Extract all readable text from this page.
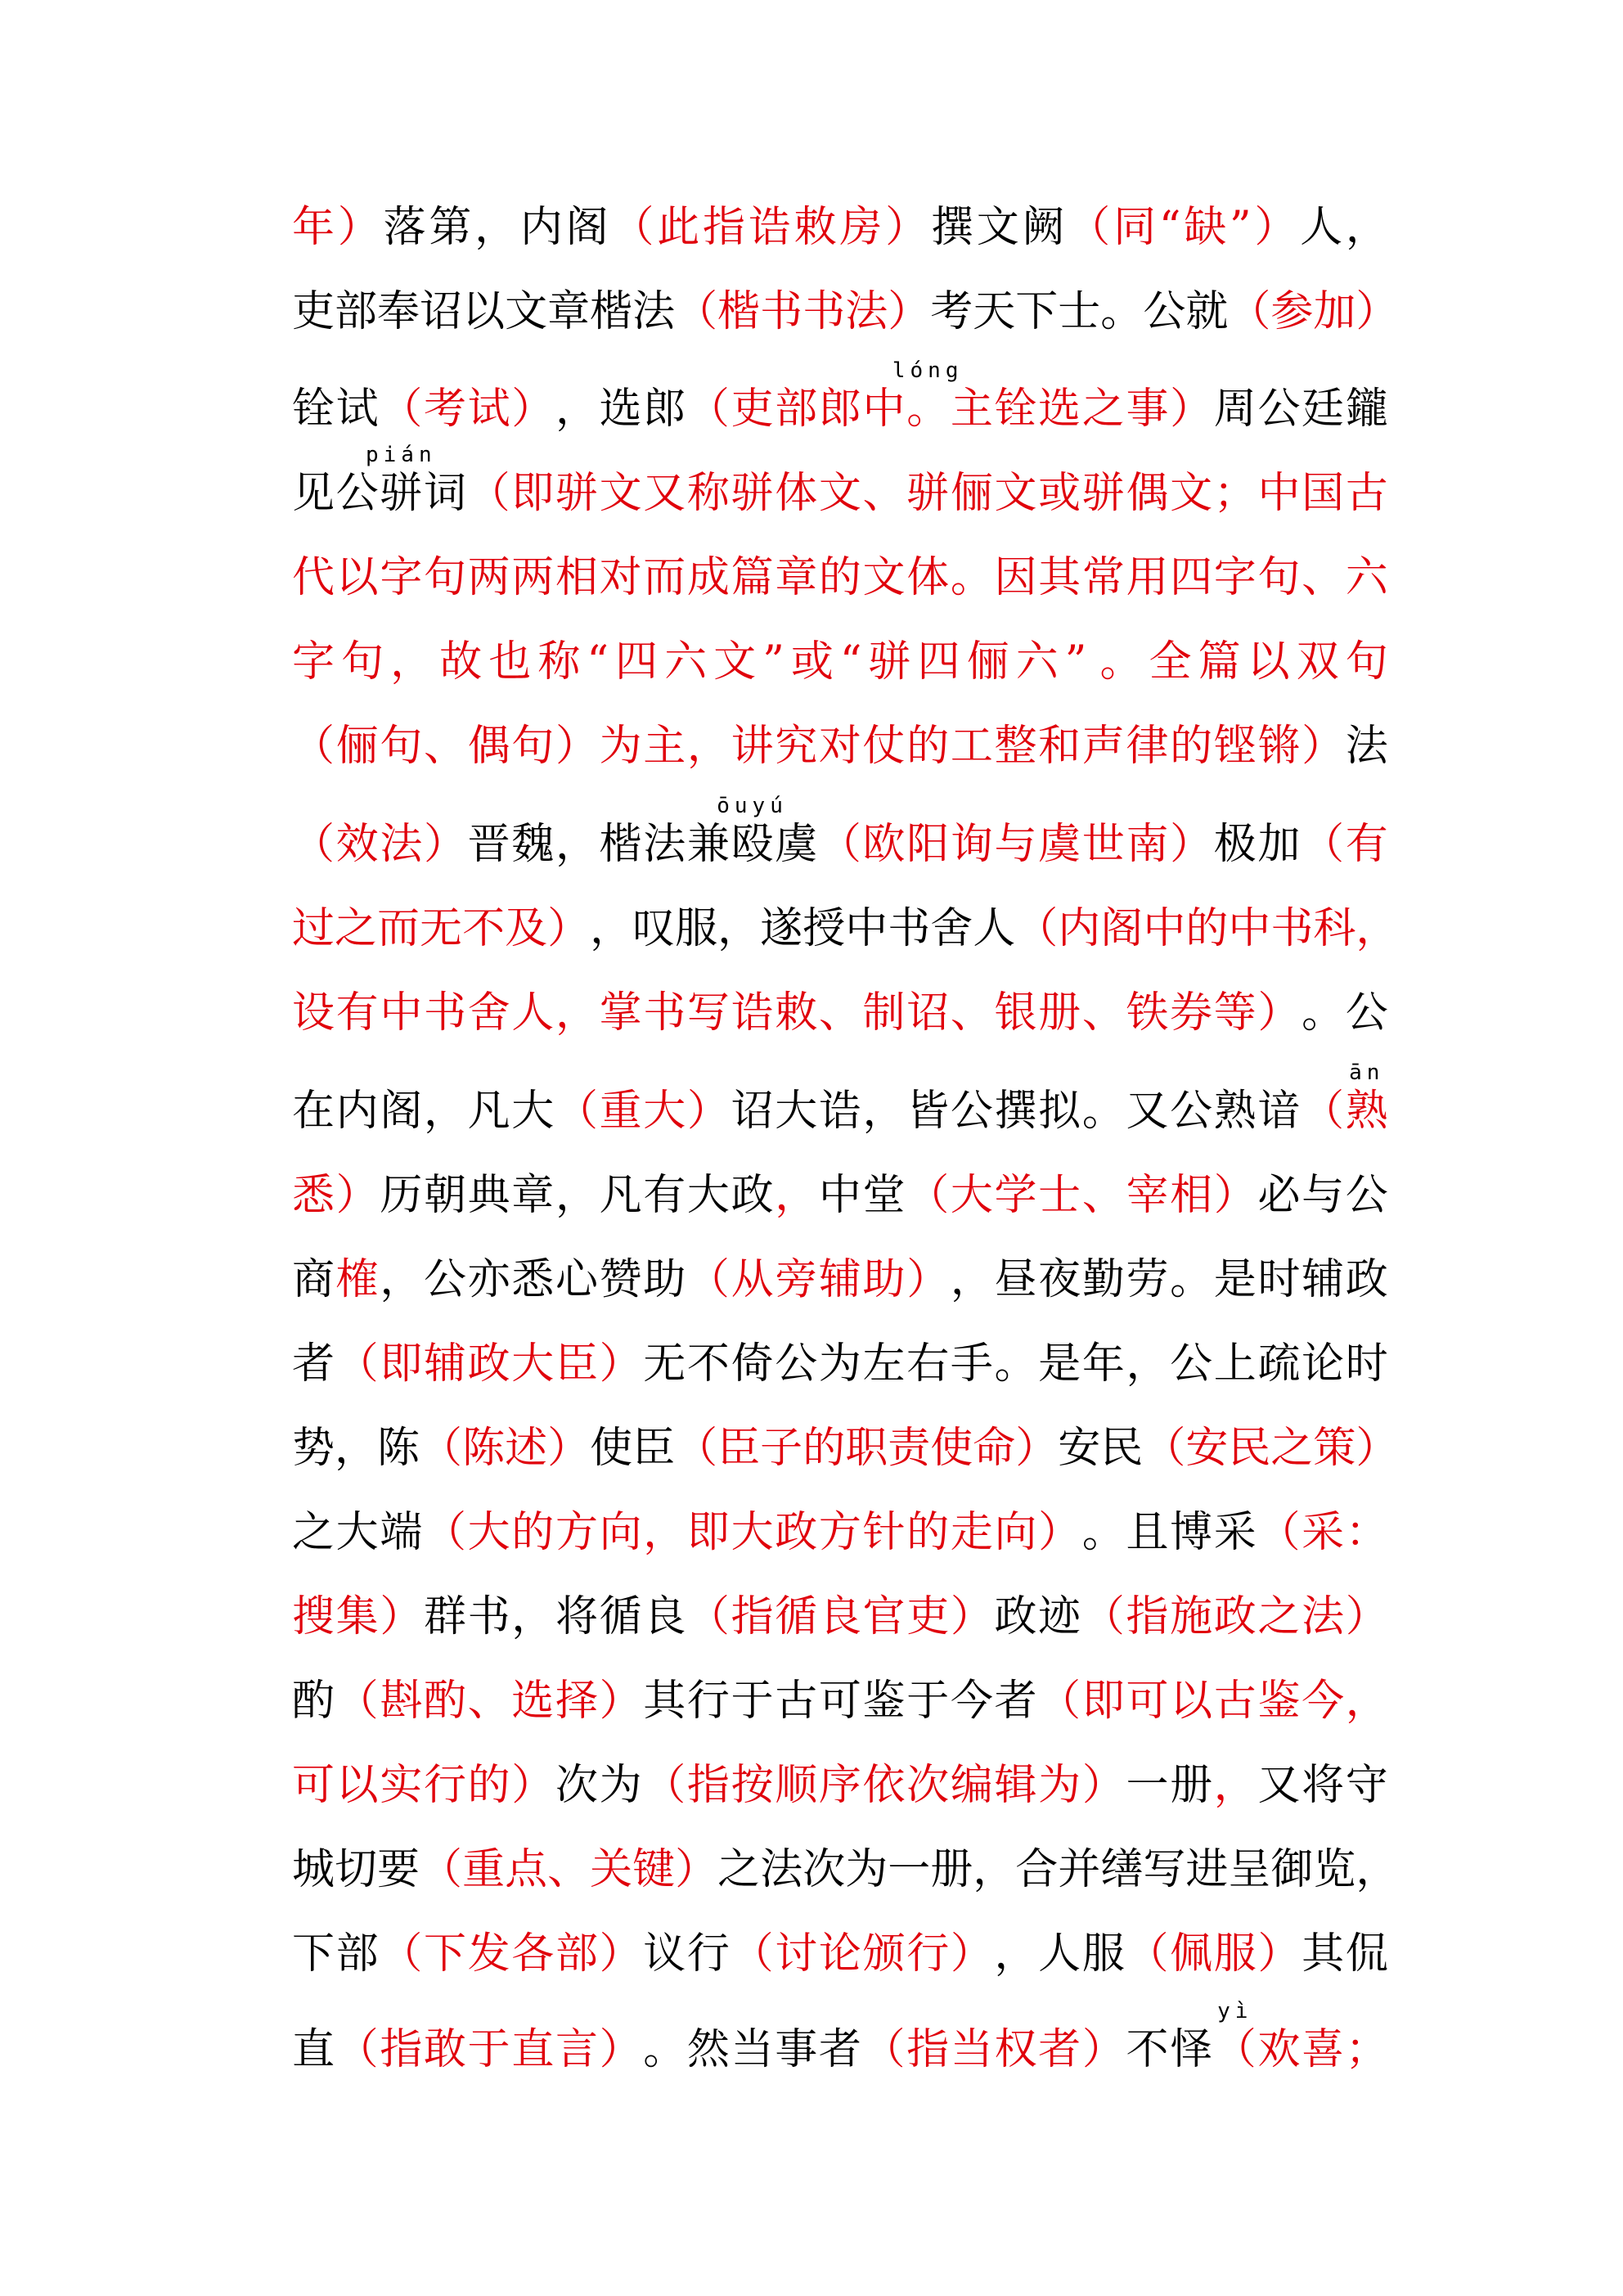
年 ） 落 第 ， 内 阁 （ 此 指 诰 敕 房 ） 撰 文 阙 （ 同 “ 缺 ” ） 人 ，
吏 部 奉 诏 以 文 章 楷 法 （ 楷 书 书 法 ） 考 天 下 士 。 公 就 （ 参 加 ）
铨 试 （ 考 试 ） ， 选 郎 （ 吏 部 郎 中 。 主 铨 选 之 事 ） 周 公 廷 鑨
见 公 骈 词 （ 即 骈 文 又 称 骈 体 文 、 骈 俪 文 或 骈 偶 文 ； 中 国 古
代 以 字 句 两 两 相 对 而 成 篇 章 的 文 体 。 因 其 常 用 四 字 句 、 六
字 句 ， 故 也 称 “ 四 六 文 ” 或 “ 骈 四 俪 六 ” 。 全 篇 以 双 句
（ 俪 句 、 偶 句 ） 为 主 ， 讲 究 对 仗 的 工 整 和 声 律 的 铿 锵 ） 法
（ 效 法 ） 晋 魏 ， 楷 法 兼 殴 虞 （ 欧 阳 询 与 虞 世 南 ） 极 加 （ 有
过 之 而 无 不 及 ） ， 叹 服 ， 遂 授 中 书 舍 人 （ 内 阁 中 的 中 书 科 ，
设 有 中 书 舍 人 ， 掌 书 写 诰 敕 、 制 诏 、 银 册 、 铁 券 等 ） 。 公
在 内 阁 ， 凡 大 （ 重 大 ） 诏 大 诰 ， 皆 公 撰 拟 。 又 公 熟 谙 （ 熟
悉 ） 历 朝 典 章 ， 凡 有 大 政 ， 中 堂 （ 大 学 士 、 宰 相 ） 必 与 公
商 榷 ， 公 亦 悉 心 赞 助 （ 从 旁 辅 助 ） ， 昼 夜 勤 劳 。 是 时 辅 政
者 （ 即 辅 政 大 臣 ） 无 不 倚 公 为 左 右 手 。 是 年 ， 公 上 疏 论 时
势 ， 陈 （ 陈 述 ） 使 臣 （ 臣 子 的 职 责 使 命 ） 安 民 （ 安 民 之 策 ）
之 大 端 （ 大 的 方 向 ， 即 大 政 方 针 的 走 向 ） 。 且 博 采 （ 采 ：
搜 集 ） 群 书 ， 将 循 良 （ 指 循 良 官 吏 ） 政 迹 （ 指 施 政 之 法 ）
酌 （ 斟 酌 、 选 择 ） 其 行 于 古 可 鉴 于 今 者 （ 即 可 以 古 鉴 今 ，
可 以 实 行 的 ） 次 为 （ 指 按 顺 序 依 次 编 辑 为 ） 一 册 ， 又 将 守
城 切 要 （ 重 点 、 关 键 ） 之 法 次 为 一 册 ， 合 并 缮 写 进 呈 御 览 ，
下 部 （ 下 发 各 部 ） 议 行 （ 讨 论 颁 行 ） ， 人 服 （ 佩 服 ） 其 侃
直 （ 指 敢 于 直 言 ） 。 然 当 事 者 （ 指 当 权 者 ） 不 怿 （ 欢 喜 ；
lóng
pián
ōuyú
ān
yì
